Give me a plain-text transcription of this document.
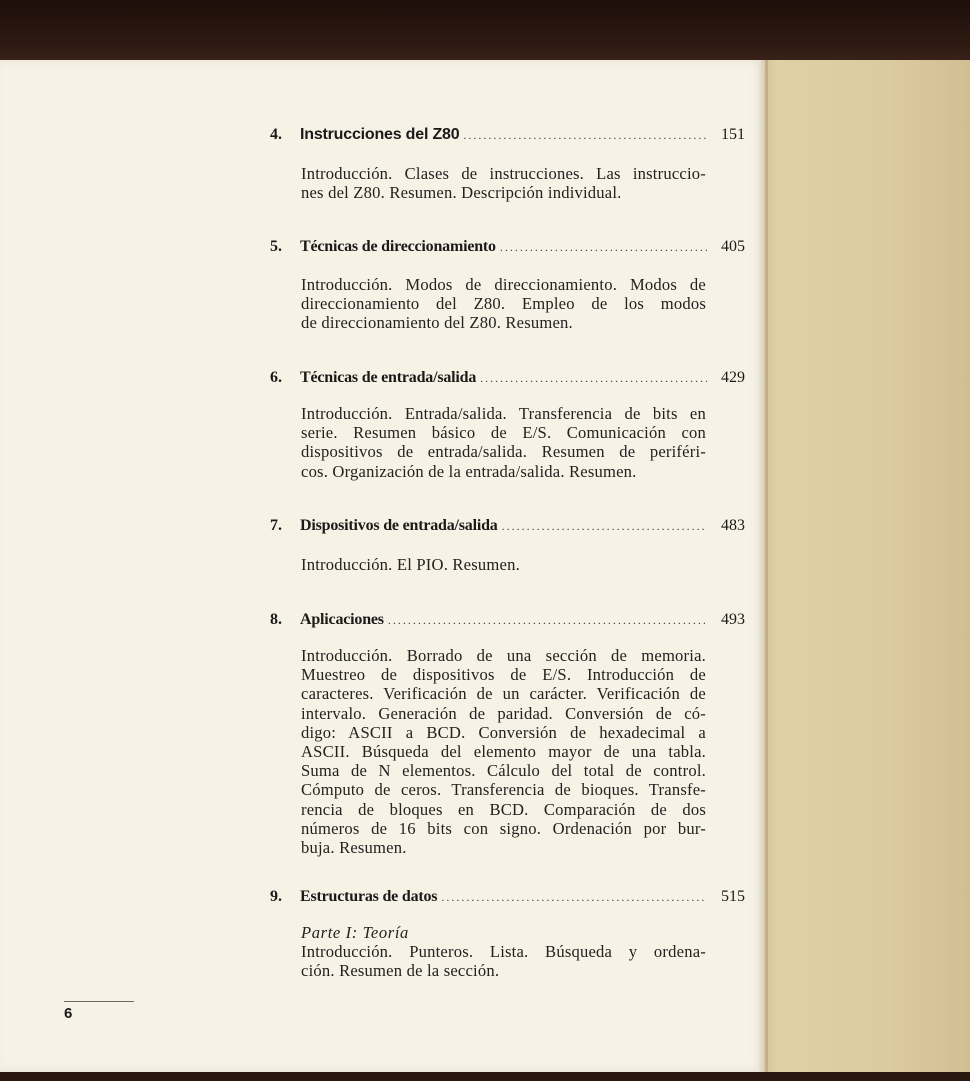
4.	Instrucciones del Z80 .....	151
Introducción. Clases de instrucciones. Las instruccio-
nes del Z80. Resumen. Descripción individual.
5.	Técnicas de direccionamiento .....	405
Introducción. Modos de direccionamiento. Modos de
direccionamiento del Z80. Empleo de los modos
de direccionamiento del Z80. Resumen.
6.	Técnicas de entrada/salida .....	429
Introducción. Entrada/salida. Transferencia de bits en
serie. Resumen básico de E/S. Comunicación con
dispositivos de entrada/salida. Resumen de periféri-
cos. Organización de la entrada/salida. Resumen.
7.	Dispositivos de entrada/salida .....	483
Introducción. El PIO. Resumen.
8.	Aplicaciones .....	493
Introducción. Borrado de una sección de memoria.
Muestreo de dispositivos de E/S. Introducción de
caracteres. Verificación de un carácter. Verificación de
intervalo. Generación de paridad. Conversión de có-
digo: ASCII a BCD. Conversión de hexadecimal a
ASCII. Búsqueda del elemento mayor de una tabla.
Suma de N elementos. Cálculo del total de control.
Cómputo de ceros. Transferencia de bioques. Transfe-
rencia de bloques en BCD. Comparación de dos
números de 16 bits con signo. Ordenación por bur-
buja. Resumen.
9.	Estructuras de datos .....	515
Parte I: Teoría
Introducción. Punteros. Lista. Búsqueda y ordena-
ción. Resumen de la sección.
6
